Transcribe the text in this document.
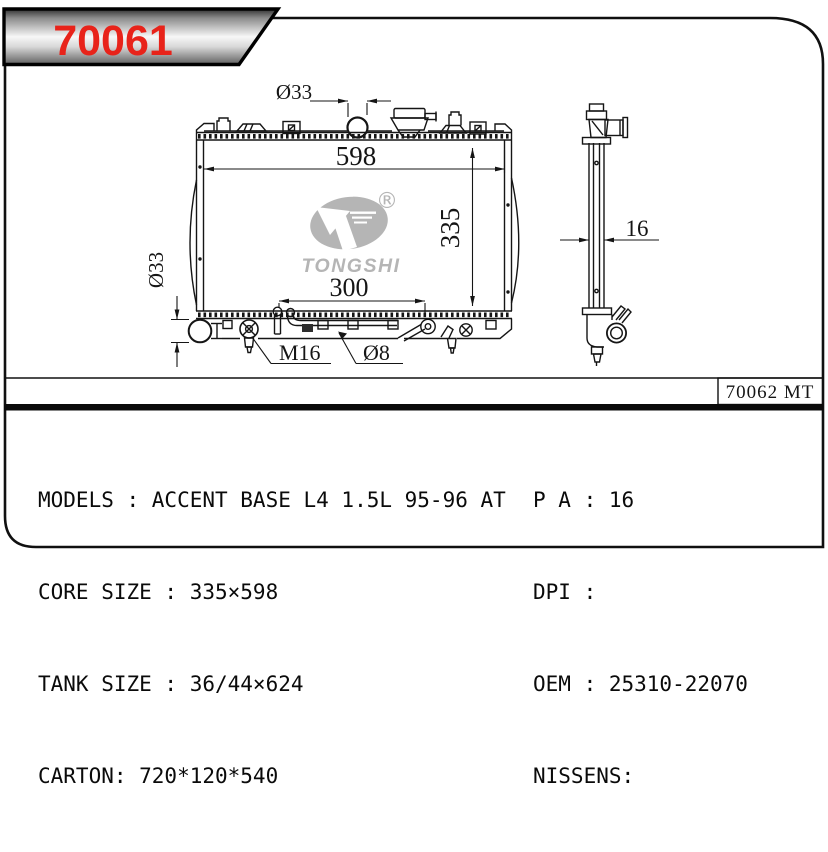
70061
70062 MT
®
TONGSHI
598
335
300
Ø33
Ø33
M16 Ø8
16

MODELS : ACCENT BASE L4 1.5L 95-96 AT

CORE SIZE : 335×598

TANK SIZE : 36/44×624

CARTON: 720*120*540

P A : 16

DPI :

OEM : 25310-22070

NISSENS:
